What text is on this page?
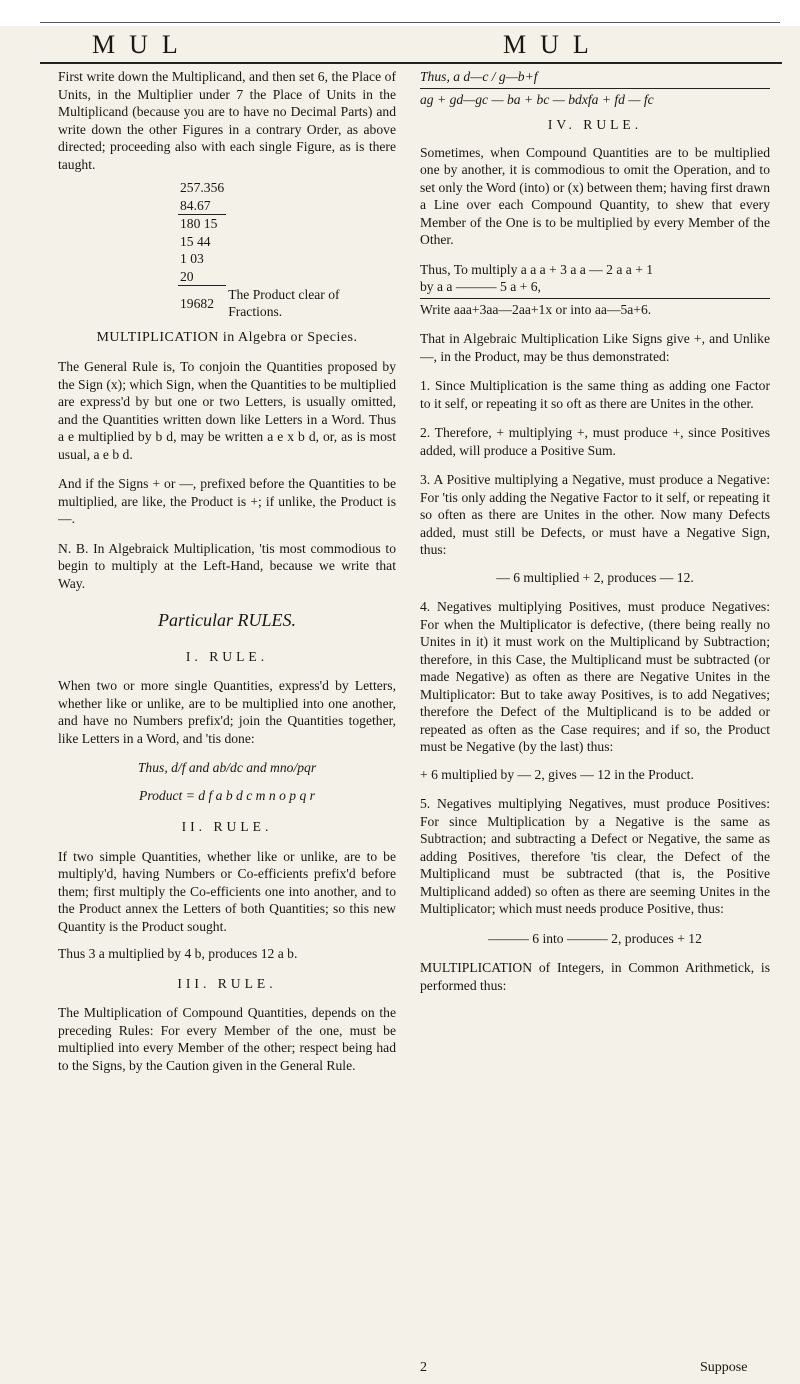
MUL	MUL

First write down the Multiplicand, and then set 6, the Place of Units, in the Multiplier under 7 the Place of Units in the Multiplicand (because you are to have no Decimal Parts) and write down the other Figures in a contrary Order, as above directed; proceeding also with each single Figure, as is there taught.

257.356
84.67
180 15
15 44
1 03
20
19682	The Product clear of Fractions.

MULTIPLICATION in Algebra or Species.

The General Rule is, To conjoin the Quantities proposed by the Sign (x); which Sign, when the Quantities to be multiplied are express'd by but one or two Letters, is usually omitted, and the Quantities written down like Letters in a Word. Thus a e multiplied by b d, may be written a e x b d, or, as is most usual, a e b d.

And if the Signs + or —, prefixed before the Quantities to be multiplied, are like, the Product is +; if unlike, the Product is —.

N. B. In Algebraick Multiplication, 'tis most commodious to begin to multiply at the Left-Hand, because we write that Way.

Particular RULES.

I. RULE.

When two or more single Quantities, express'd by Letters, whether like or unlike, are to be multiplied into one another, and have no Numbers prefix'd; join the Quantities together, like Letters in a Word, and 'tis done:

Thus, d/f and ab/dc and mno/pqr

Product = d f a b d c m n o p q r

II. RULE.

If two simple Quantities, whether like or unlike, are to be multiply'd, having Numbers or Co-efficients prefix'd before them; first multiply the Co-efficients one into another, and to the Product annex the Letters of both Quantities; so this new Quantity is the Product sought.

Thus 3 a multiplied by 4 b, produces 12 a b.

III. RULE.

The Multiplication of Compound Quantities, depends on the preceding Rules: For every Member of the one, must be multiplied into every Member of the other; respect being had to the Signs, by the Caution given in the General Rule.

Thus, a d—c / g—b+f

ag + gd—gc — ba + bc — bdxfa + fd — fc

IV. RULE.

Sometimes, when Compound Quantities are to be multiplied one by another, it is commodious to omit the Operation, and to set only the Word (into) or (x) between them; having first drawn a Line over each Compound Quantity, to shew that every Member of the One is to be multiplied by every Member of the Other.

Thus, To multiply a a a + 3 a a — 2 a a + 1

by a a ——— 5 a + 6,

Write aaa+3aa—2aa+1x or into aa—5a+6.

That in Algebraic Multiplication Like Signs give +, and Unlike —, in the Product, may be thus demonstrated:

1. Since Multiplication is the same thing as adding one Factor to it self, or repeating it so oft as there are Unites in the other.

2. Therefore, + multiplying +, must produce +, since Positives added, will produce a Positive Sum.

3. A Positive multiplying a Negative, must produce a Negative: For 'tis only adding the Negative Factor to it self, or repeating it so often as there are Unites in the other. Now many Defects added, must still be Defects, or must have a Negative Sign, thus:

— 6 multiplied + 2, produces — 12.

4. Negatives multiplying Positives, must produce Negatives: For when the Multiplicator is defective, (there being really no Unites in it) it must work on the Multiplicand by Subtraction; therefore, in this Case, the Multiplicand must be subtracted (or made Negative) as often as there are Negative Unites in the Multiplicator: But to take away Positives, is to add Negatives; therefore the Defect of the Multiplicand is to be added or repeated as often as the Case requires; and if so, the Product must be Negative (by the last) thus:

+ 6 multiplied by — 2, gives — 12 in the Product.

5. Negatives multiplying Negatives, must produce Positives: For since Multiplication by a Negative is the same as Subtraction; and subtracting a Defect or Negative, the same as adding Positives, therefore 'tis clear, the Defect of the Multiplicand must be subtracted (that is, the Positive Multiplicand added) so often as there are seeming Unites in the Multiplicator; which must needs produce Positive, thus:

——— 6 into ——— 2, produces + 12

MULTIPLICATION of Integers, in Common Arithmetick, is performed thus:

2	Suppose
